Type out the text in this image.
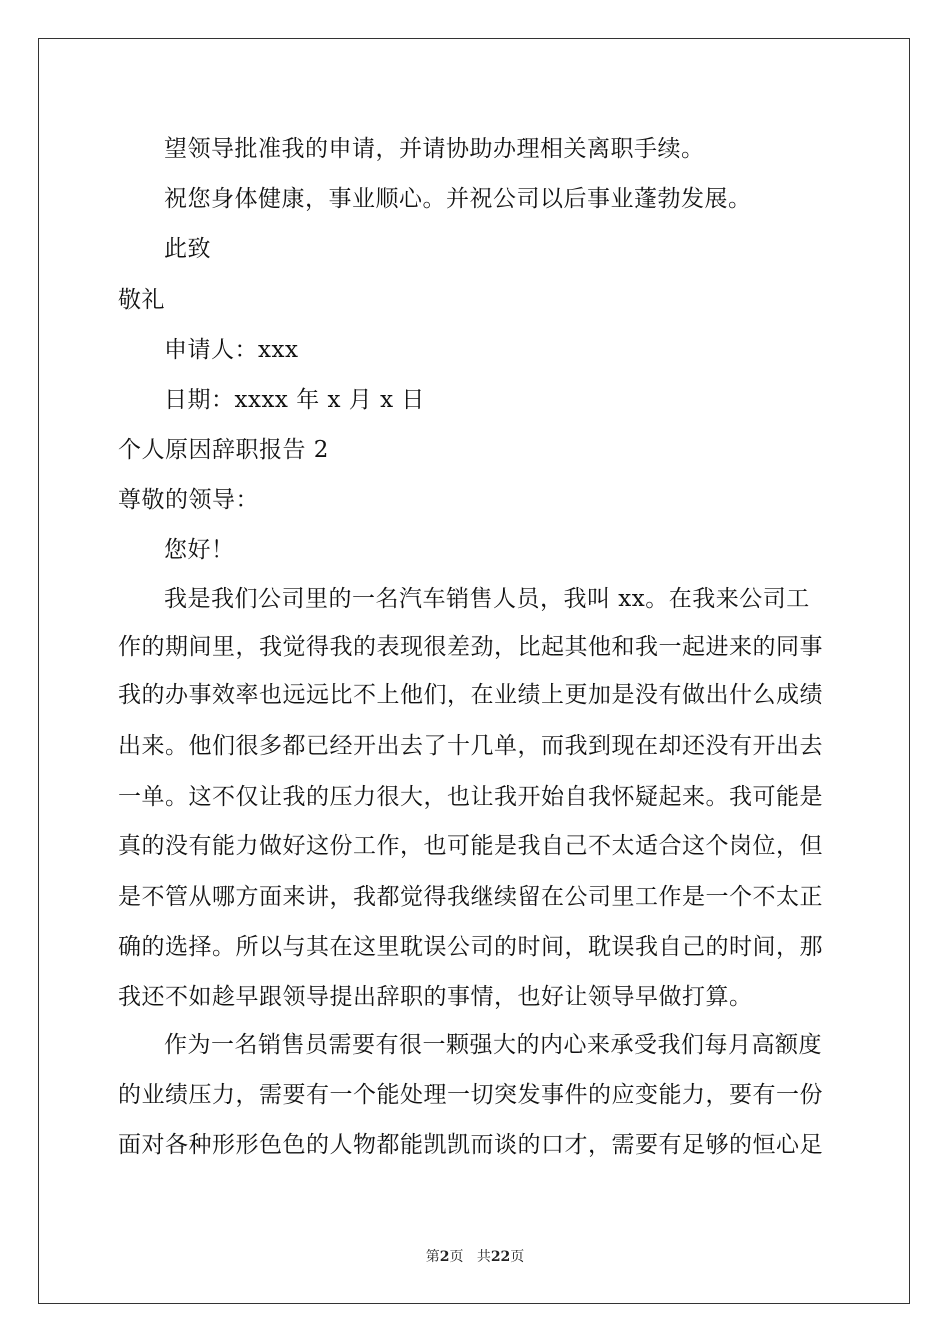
望领导批准我的申请，并请协助办理相关离职手续。
祝您身体健康，事业顺心。并祝公司以后事业蓬勃发展。
此致
敬礼
申请人：xxx
日期：xxxx 年 x 月 x 日
个人原因辞职报告 2
尊敬的领导：
您好！
我是我们公司里的一名汽车销售人员，我叫 xx。在我来公司工
作的期间里，我觉得我的表现很差劲，比起其他和我一起进来的同事
我的办事效率也远远比不上他们，在业绩上更加是没有做出什么成绩
出来。他们很多都已经开出去了十几单，而我到现在却还没有开出去
一单。这不仅让我的压力很大，也让我开始自我怀疑起来。我可能是
真的没有能力做好这份工作，也可能是我自己不太适合这个岗位，但
是不管从哪方面来讲，我都觉得我继续留在公司里工作是一个不太正
确的选择。所以与其在这里耽误公司的时间，耽误我自己的时间，那
我还不如趁早跟领导提出辞职的事情，也好让领导早做打算。
作为一名销售员需要有很一颗强大的内心来承受我们每月高额度
的业绩压力，需要有一个能处理一切突发事件的应变能力，要有一份
面对各种形形色色的人物都能凯凯而谈的口才，需要有足够的恒心足
第2页 共22页
